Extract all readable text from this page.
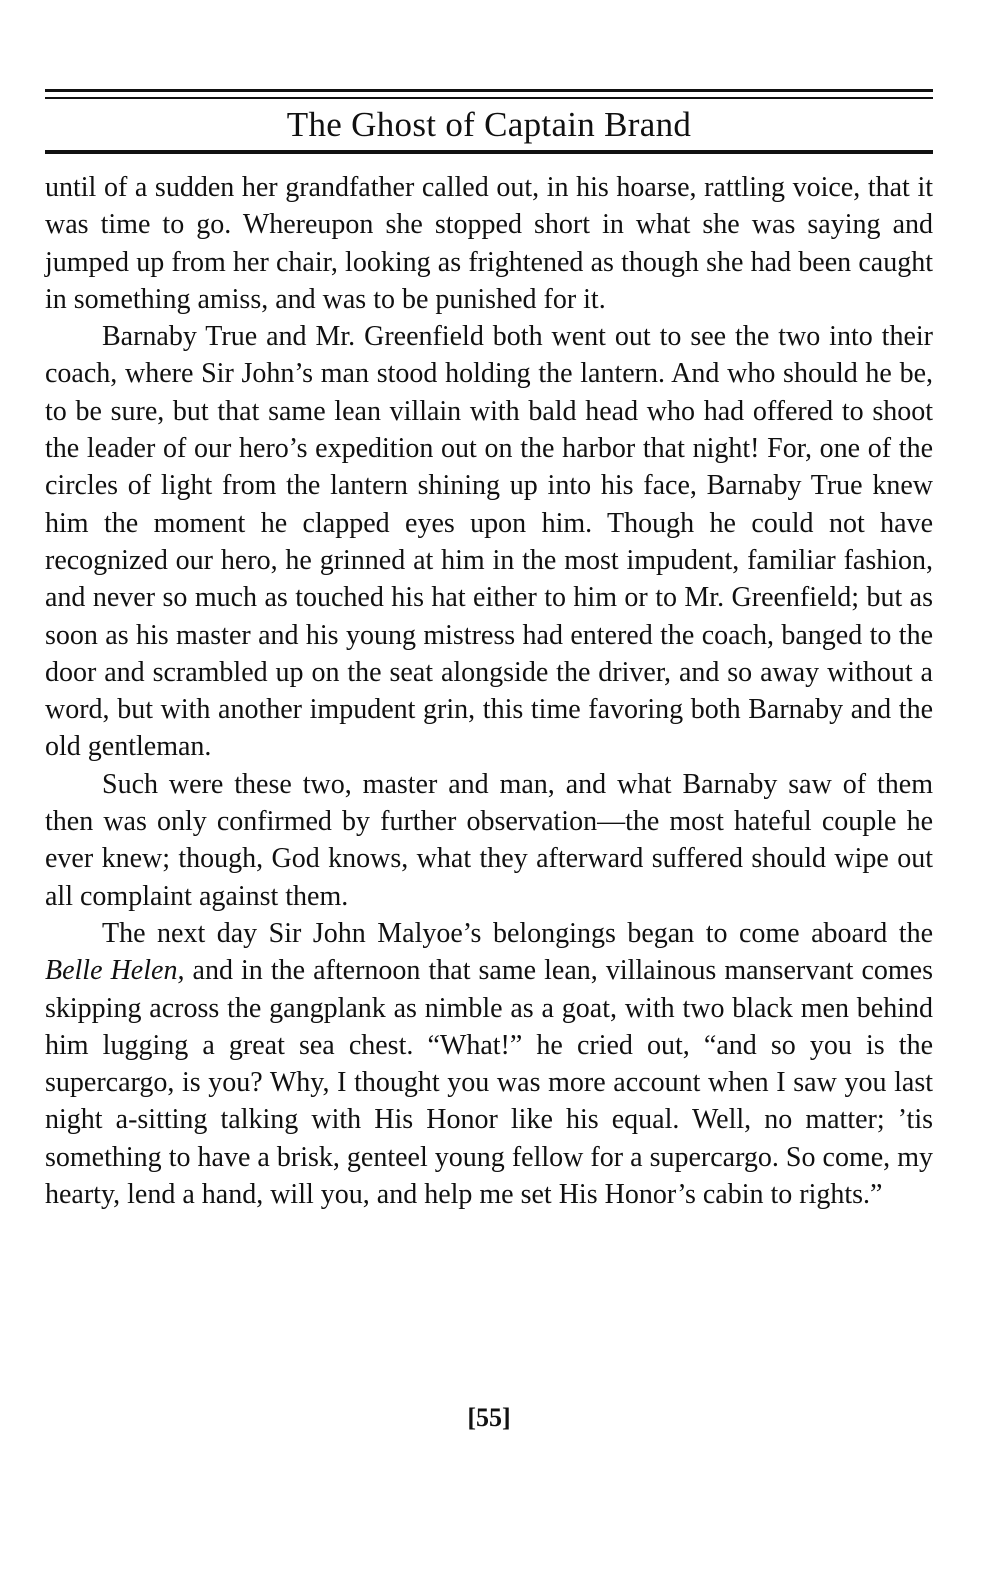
The Ghost of Captain Brand

until of a sudden her grandfather called out, in his hoarse, rattling voice, that it was time to go. Whereupon she stopped short in what she was saying and jumped up from her chair, looking as frightened as though she had been caught in something amiss, and was to be punished for it.

Barnaby True and Mr. Greenfield both went out to see the two into their coach, where Sir John’s man stood holding the lantern. And who should he be, to be sure, but that same lean villain with bald head who had offered to shoot the leader of our hero’s expedition out on the harbor that night! For, one of the circles of light from the lantern shining up into his face, Barnaby True knew him the moment he clapped eyes upon him. Though he could not have recognized our hero, he grinned at him in the most impudent, familiar fashion, and never so much as touched his hat either to him or to Mr. Greenfield; but as soon as his master and his young mistress had entered the coach, banged to the door and scrambled up on the seat alongside the driver, and so away without a word, but with another impudent grin, this time favoring both Barnaby and the old gentleman.

Such were these two, master and man, and what Barnaby saw of them then was only confirmed by further observation—the most hateful couple he ever knew; though, God knows, what they afterward suffered should wipe out all complaint against them.

The next day Sir John Malyoe’s belongings began to come aboard the Belle Helen, and in the afternoon that same lean, villainous manservant comes skipping across the gangplank as nimble as a goat, with two black men behind him lugging a great sea chest. “What!” he cried out, “and so you is the supercargo, is you? Why, I thought you was more account when I saw you last night a-sitting talking with His Honor like his equal. Well, no matter; ’tis something to have a brisk, genteel young fellow for a supercargo. So come, my hearty, lend a hand, will you, and help me set His Honor’s cabin to rights.”

[55]
